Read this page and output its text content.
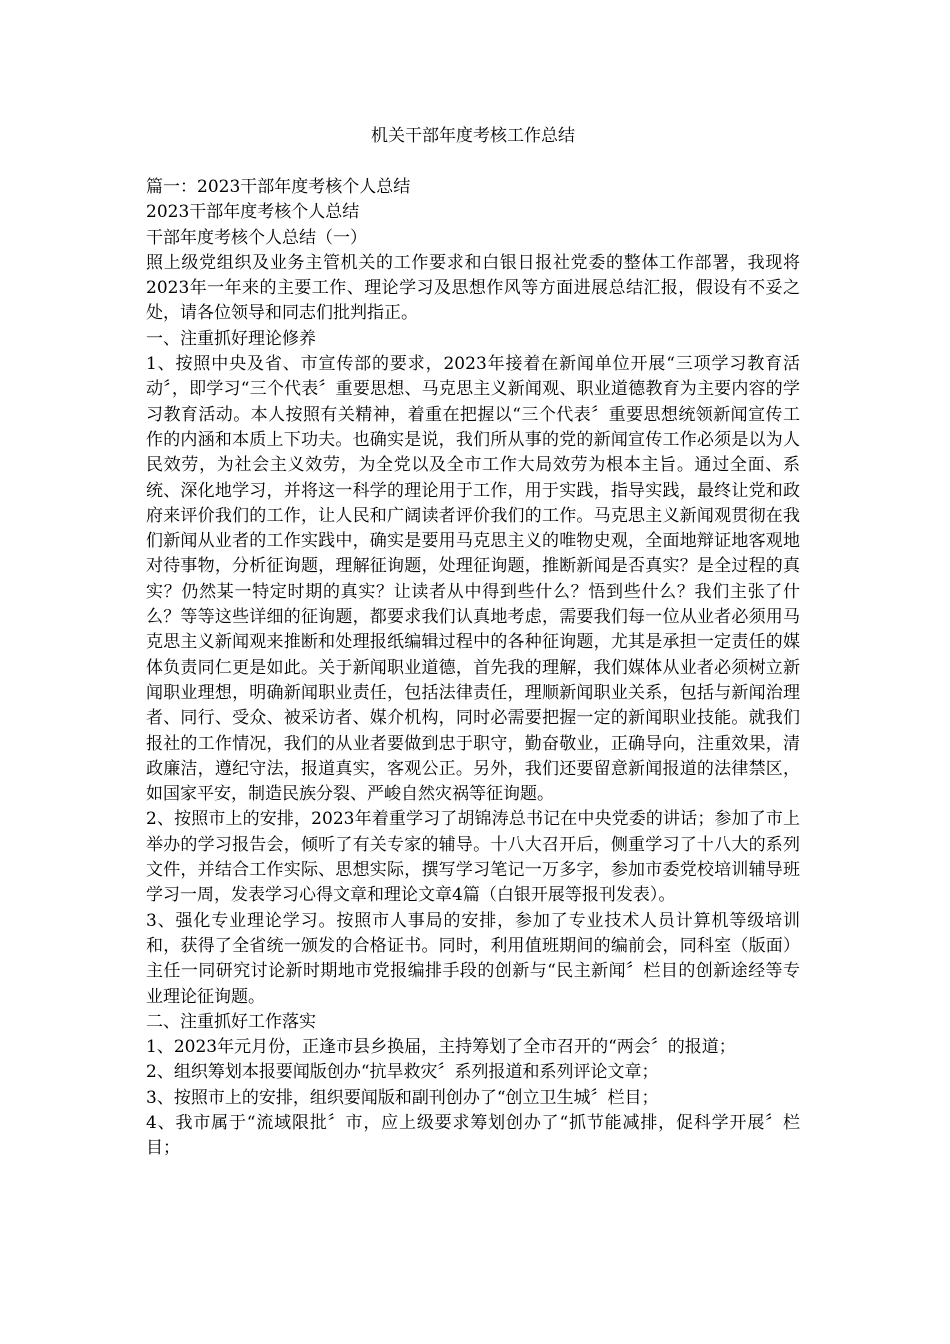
机关干部年度考核工作总结

篇一：2023干部年度考核个人总结

2023干部年度考核个人总结

干部年度考核个人总结（一）

照上级党组织及业务主管机关的工作要求和白银日报社党委的整体工作部署，我现将2023年一年来的主要工作、理论学习及思想作风等方面进展总结汇报，假设有不妥之处，请各位领导和同志们批判指正。

一、注重抓好理论修养

1、按照中央及省、市宣传部的要求，2023年接着在新闻单位开展“三项学习教育活动〞，即学习“三个代表〞重要思想、马克思主义新闻观、职业道德教育为主要内容的学习教育活动。本人按照有关精神，着重在把握以“三个代表〞重要思想统领新闻宣传工作的内涵和本质上下功夫。也确实是说，我们所从事的党的新闻宣传工作必须是以为人民效劳，为社会主义效劳，为全党以及全市工作大局效劳为根本主旨。通过全面、系统、深化地学习，并将这一科学的理论用于工作，用于实践，指导实践，最终让党和政府来评价我们的工作，让人民和广阔读者评价我们的工作。马克思主义新闻观贯彻在我们新闻从业者的工作实践中，确实是要用马克思主义的唯物史观，全面地辩证地客观地对待事物，分析征询题，理解征询题，处理征询题，推断新闻是否真实？是全过程的真实？仍然某一特定时期的真实？让读者从中得到些什么？悟到些什么？我们主张了什么？等等这些详细的征询题，都要求我们认真地考虑，需要我们每一位从业者必须用马克思主义新闻观来推断和处理报纸编辑过程中的各种征询题，尤其是承担一定责任的媒体负责同仁更是如此。关于新闻职业道德，首先我的理解，我们媒体从业者必须树立新闻职业理想，明确新闻职业责任，包括法律责任，理顺新闻职业关系，包括与新闻治理者、同行、受众、被采访者、媒介机构，同时必需要把握一定的新闻职业技能。就我们报社的工作情况，我们的从业者要做到忠于职守，勤奋敬业，正确导向，注重效果，清政廉洁，遵纪守法，报道真实，客观公正。另外，我们还要留意新闻报道的法律禁区，如国家平安，制造民族分裂、严峻自然灾祸等征询题。

2、按照市上的安排，2023年着重学习了胡锦涛总书记在中央党委的讲话；参加了市上举办的学习报告会，倾听了有关专家的辅导。十八大召开后，侧重学习了十八大的系列文件，并结合工作实际、思想实际，撰写学习笔记一万多字，参加市委党校培训辅导班学习一周，发表学习心得文章和理论文章4篇（白银开展等报刊发表）。

3、强化专业理论学习。按照市人事局的安排，参加了专业技术人员计算机等级培训和，获得了全省统一颁发的合格证书。同时，利用值班期间的编前会，同科室（版面）主任一同研究讨论新时期地市党报编排手段的创新与“民主新闻〞栏目的创新途经等专业理论征询题。

二、注重抓好工作落实

1、2023年元月份，正逢市县乡换届，主持筹划了全市召开的“两会〞的报道；

2、组织筹划本报要闻版创办“抗旱救灾〞系列报道和系列评论文章；

3、按照市上的安排，组织要闻版和副刊创办了“创立卫生城〞栏目；

4、我市属于“流域限批〞市，应上级要求筹划创办了“抓节能减排，促科学开展〞栏目；
